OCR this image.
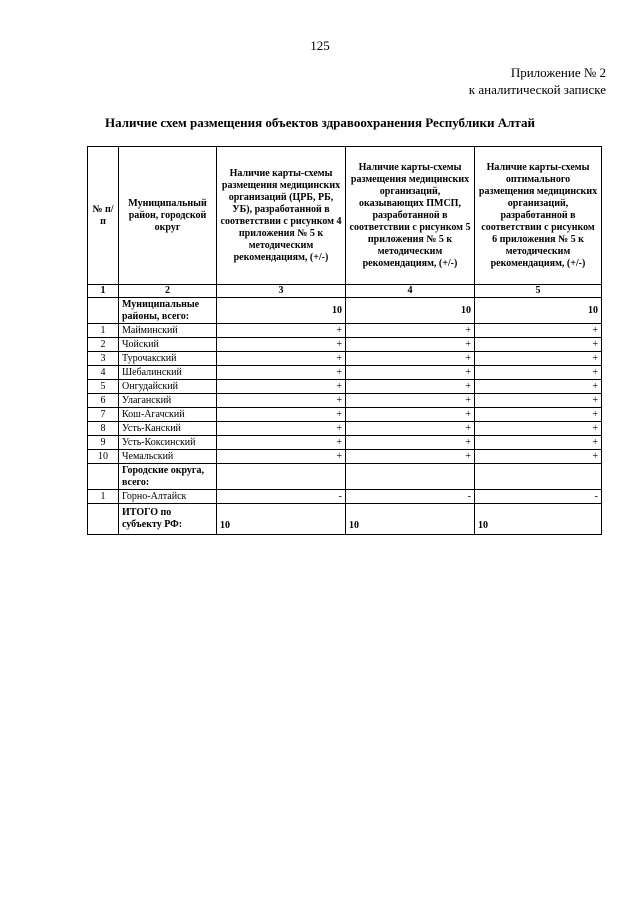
125
Приложение № 2
к аналитической записке
Наличие схем размещения объектов здравоохранения Республики Алтай
№ п/п	Муниципальный район, городской округ	Наличие карты-схемы размещения медицинских организаций (ЦРБ, РБ, УБ), разработанной в соответствии с рисунком 4 приложения № 5 к методическим рекомендациям, (+/-)	Наличие карты-схемы размещения медицинских организаций, оказывающих ПМСП, разработанной в соответствии с рисунком 5 приложения № 5 к методическим рекомендациям, (+/-)	Наличие карты-схемы оптимального размещения медицинских организаций, разработанной в соответствии с рисунком 6 приложения № 5 к методическим рекомендациям, (+/-)
1	2	3	4	5
	Муниципальные районы, всего:	10	10	10
1	Майминский	+	+	+
2	Чойский	+	+	+
3	Турочакский	+	+	+
4	Шебалинский	+	+	+
5	Онгудайский	+	+	+
6	Улаганский	+	+	+
7	Кош-Агачский	+	+	+
8	Усть-Канский	+	+	+
9	Усть-Коксинский	+	+	+
10	Чемальский	+	+	+
	Городские округа, всего:			
1	Горно-Алтайск	-	-	-
	ИТОГО по субъекту РФ:	10	10	10
